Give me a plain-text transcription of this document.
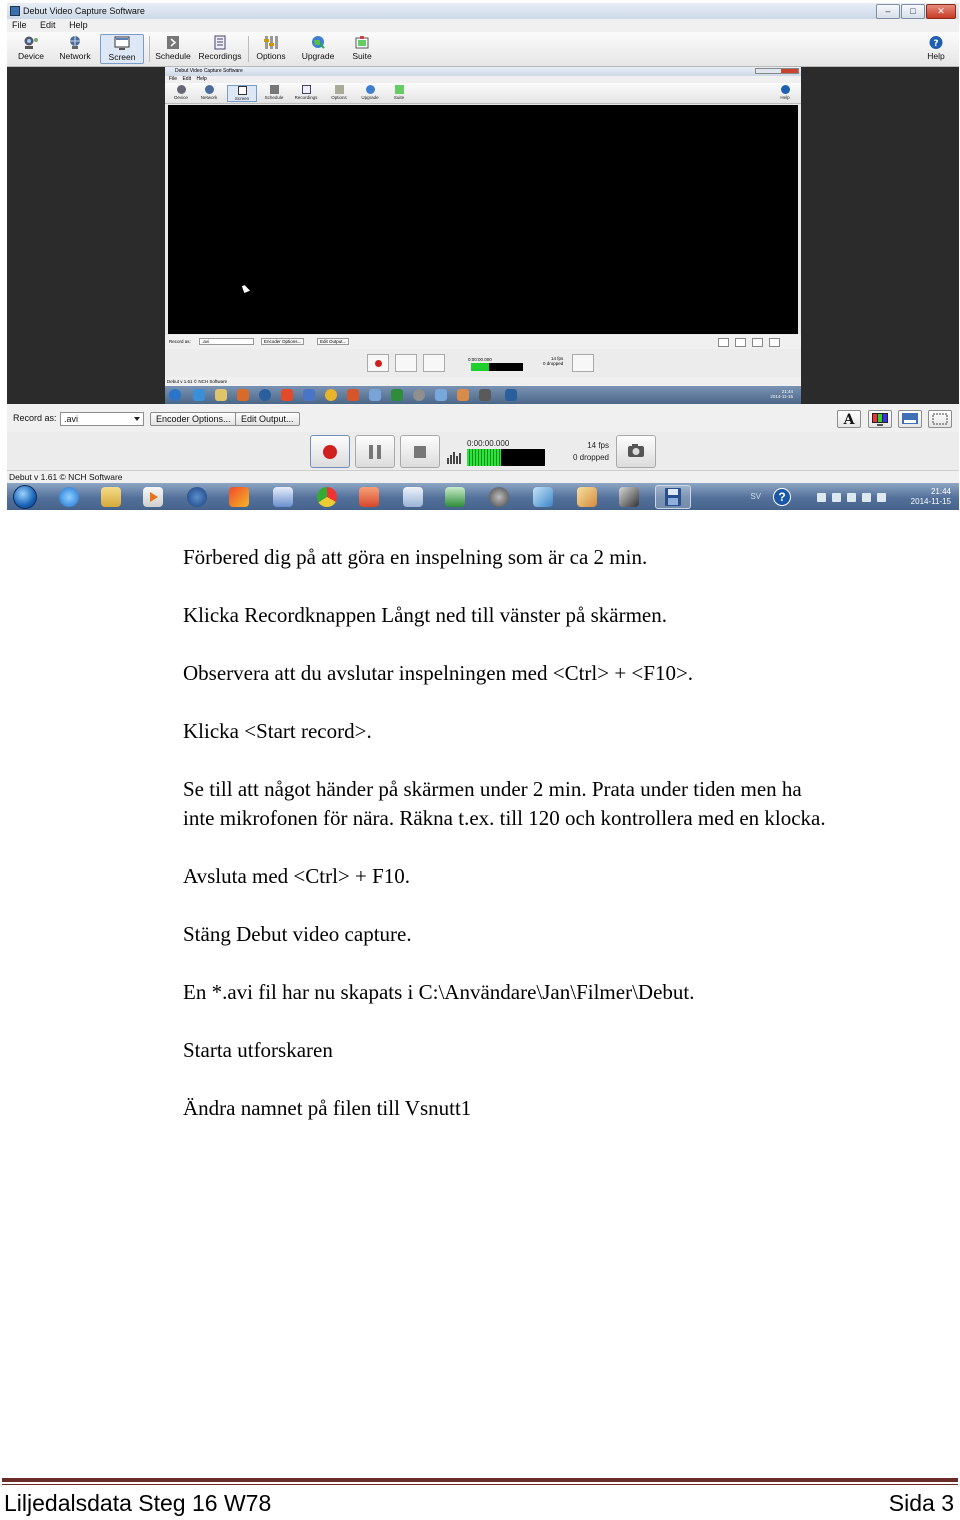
Debut Video Capture Software	–	□	✕
File Edit Help
Device	Network	Screen	Schedule Recordings	Options	Upgrade	Suite
?
Help
Debut Video Capture Software
File Edit Help
Device	Network	Screen	Schedule	Recordings	Options	Upgrade	Suite	Help
Record as:	.avi	Encoder Options...	Edit Output...
0:00:00.000	14 fps
0 dropped
Debut v 1.61 © NCH Software
21:44
2014-11-15
Record as: .avi	Encoder Options...	Edit Output...	A
0:00:00.000	14 fps
0 dropped
Debut v 1.61 © NCH Software
SV	?	21:44
2014-11-15

Förbered dig på att göra en inspelning som är ca 2 min.

Klicka Recordknappen Långt ned till vänster på skärmen.

Observera att du avslutar inspelningen med <Ctrl> + <F10>.

Klicka <Start record>.

Se till att något händer på skärmen under 2 min. Prata under tiden men ha

inte mikrofonen för nära. Räkna t.ex. till 120 och kontrollera med en klocka.

Avsluta med <Ctrl> + F10.

Stäng Debut video capture.

En *.avi fil har nu skapats i C:\Användare\Jan\Filmer\Debut.

Starta utforskaren

Ändra namnet på filen till Vsnutt1

Liljedalsdata Steg 16 W78	Sida 3
